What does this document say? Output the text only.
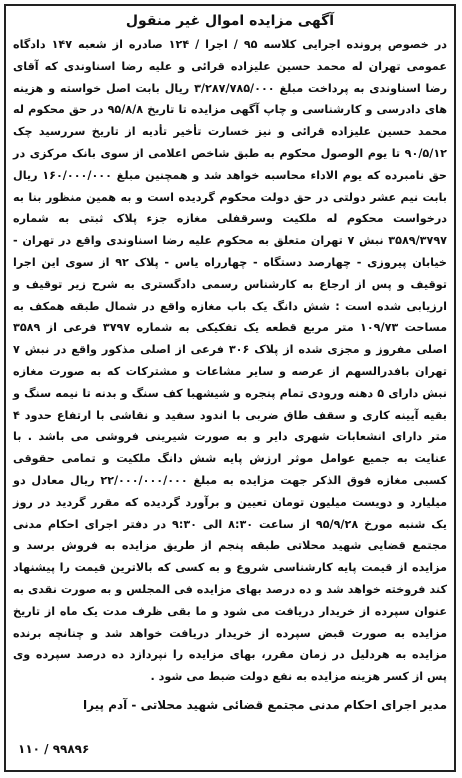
آگهی مزایده اموال غیر منقول

در خصوص پرونده اجرایی کلاسه ۹۵ / اجرا / ۱۲۴ صادره از شعبه ۱۴۷ دادگاه عمومی تهران له محمد حسین علیزاده قرائی و علیه رضا اسناوندی که آقای رضا اسناوندی به پرداخت مبلغ ۳/۲۸۷/۷۸۵/۰۰۰ ریال بابت اصل خواسته و هزینه های دادرسی و کارشناسی و چاپ آگهی مزایده تا تاریخ ۹۵/۸/۸ در حق محکوم له محمد حسین علیزاده قرائی و نیز خسارت تأخیر تأدیه از تاریخ سررسید چک ۹۰/۵/۱۲ تا یوم الوصول محکوم به طبق شاخص اعلامی از سوی بانک مرکزی در حق نامبرده که یوم الاداء محاسبه خواهد شد و همچنین مبلغ ۱۶۰/۰۰۰/۰۰۰ ریال بابت نیم عشر دولتی در حق دولت محکوم گردیده است و به همین منظور بنا به درخواست محکوم له ملکیت وسرقفلی مغازه جزء پلاک ثبتی به شماره ۳۵۸۹/۳۷۹۷ نبش ۷ تهران متعلق به محکوم علیه رضا اسناوندی واقع در تهران - خیابان پیروزی - چهارصد دستگاه - چهارراه یاس - پلاک ۹۲ از سوی این اجرا توقیف و پس از ارجاع به کارشناس رسمی دادگستری به شرح زیر توقیف و ارزیابی شده است : شش دانگ یک باب مغازه واقع در شمال طبقه همکف به مساحت ۱۰۹/۷۳ متر مربع قطعه یک تفکیکی به شماره ۳۷۹۷ فرعی از ۳۵۸۹ اصلی مفروز و مجزی شده از پلاک ۳۰۶ فرعی از اصلی مذکور واقع در نبش ۷ تهران بافدرالسهم از عرصه و سایر مشاعات و مشترکات که به صورت مغازه نبش دارای ۵ دهنه ورودی تمام پنجره و شیشهبا کف سنگ و بدنه تا نیمه سنگ و بقیه آیینه کاری و سقف طاق ضربی با اندود سفید و نقاشی با ارتفاع حدود ۴ متر دارای انشعابات شهری دایر و به صورت شیرینی فروشی می باشد . با عنایت به جمیع عوامل موثر ارزش پایه شش دانگ ملکیت و تمامی حقوقی کسبی مغازه فوق الذکر جهت مزایده به مبلغ ۲۲/۰۰۰/۰۰۰/۰۰۰ ریال معادل دو میلیارد و دویست میلیون تومان تعیین و برآورد گردیده که مقرر گردید در روز یک شنبه مورخ ۹۵/۹/۲۸ از ساعت ۸:۳۰ الی ۹:۳۰ در دفتر اجرای احکام مدنی مجتمع قضایی شهید محلاتی طبقه پنجم از طریق مزایده به فروش برسد و مزایده از قیمت پایه کارشناسی شروع و به کسی که بالاترین قیمت را پیشنهاد کند فروخته خواهد شد و ده درصد بهای مزایده فی المجلس و به صورت نقدی به عنوان سپرده از خریدار دریافت می شود و ما بقی ظرف مدت یک ماه از تاریخ مزایده به صورت قبض سپرده از خریدار دریافت خواهد شد و چنانچه برنده مزایده به هردلیل در زمان مقرر، بهای مزایده را نپردازد ده درصد سپرده وی پس از کسر هزینه مزایده به نفع دولت ضبط می شود .

مدیر اجرای احکام مدنی مجتمع قضائی شهید محلاتی - آدم پیرا
۱۱۰ / ۹۹۸۹۶
